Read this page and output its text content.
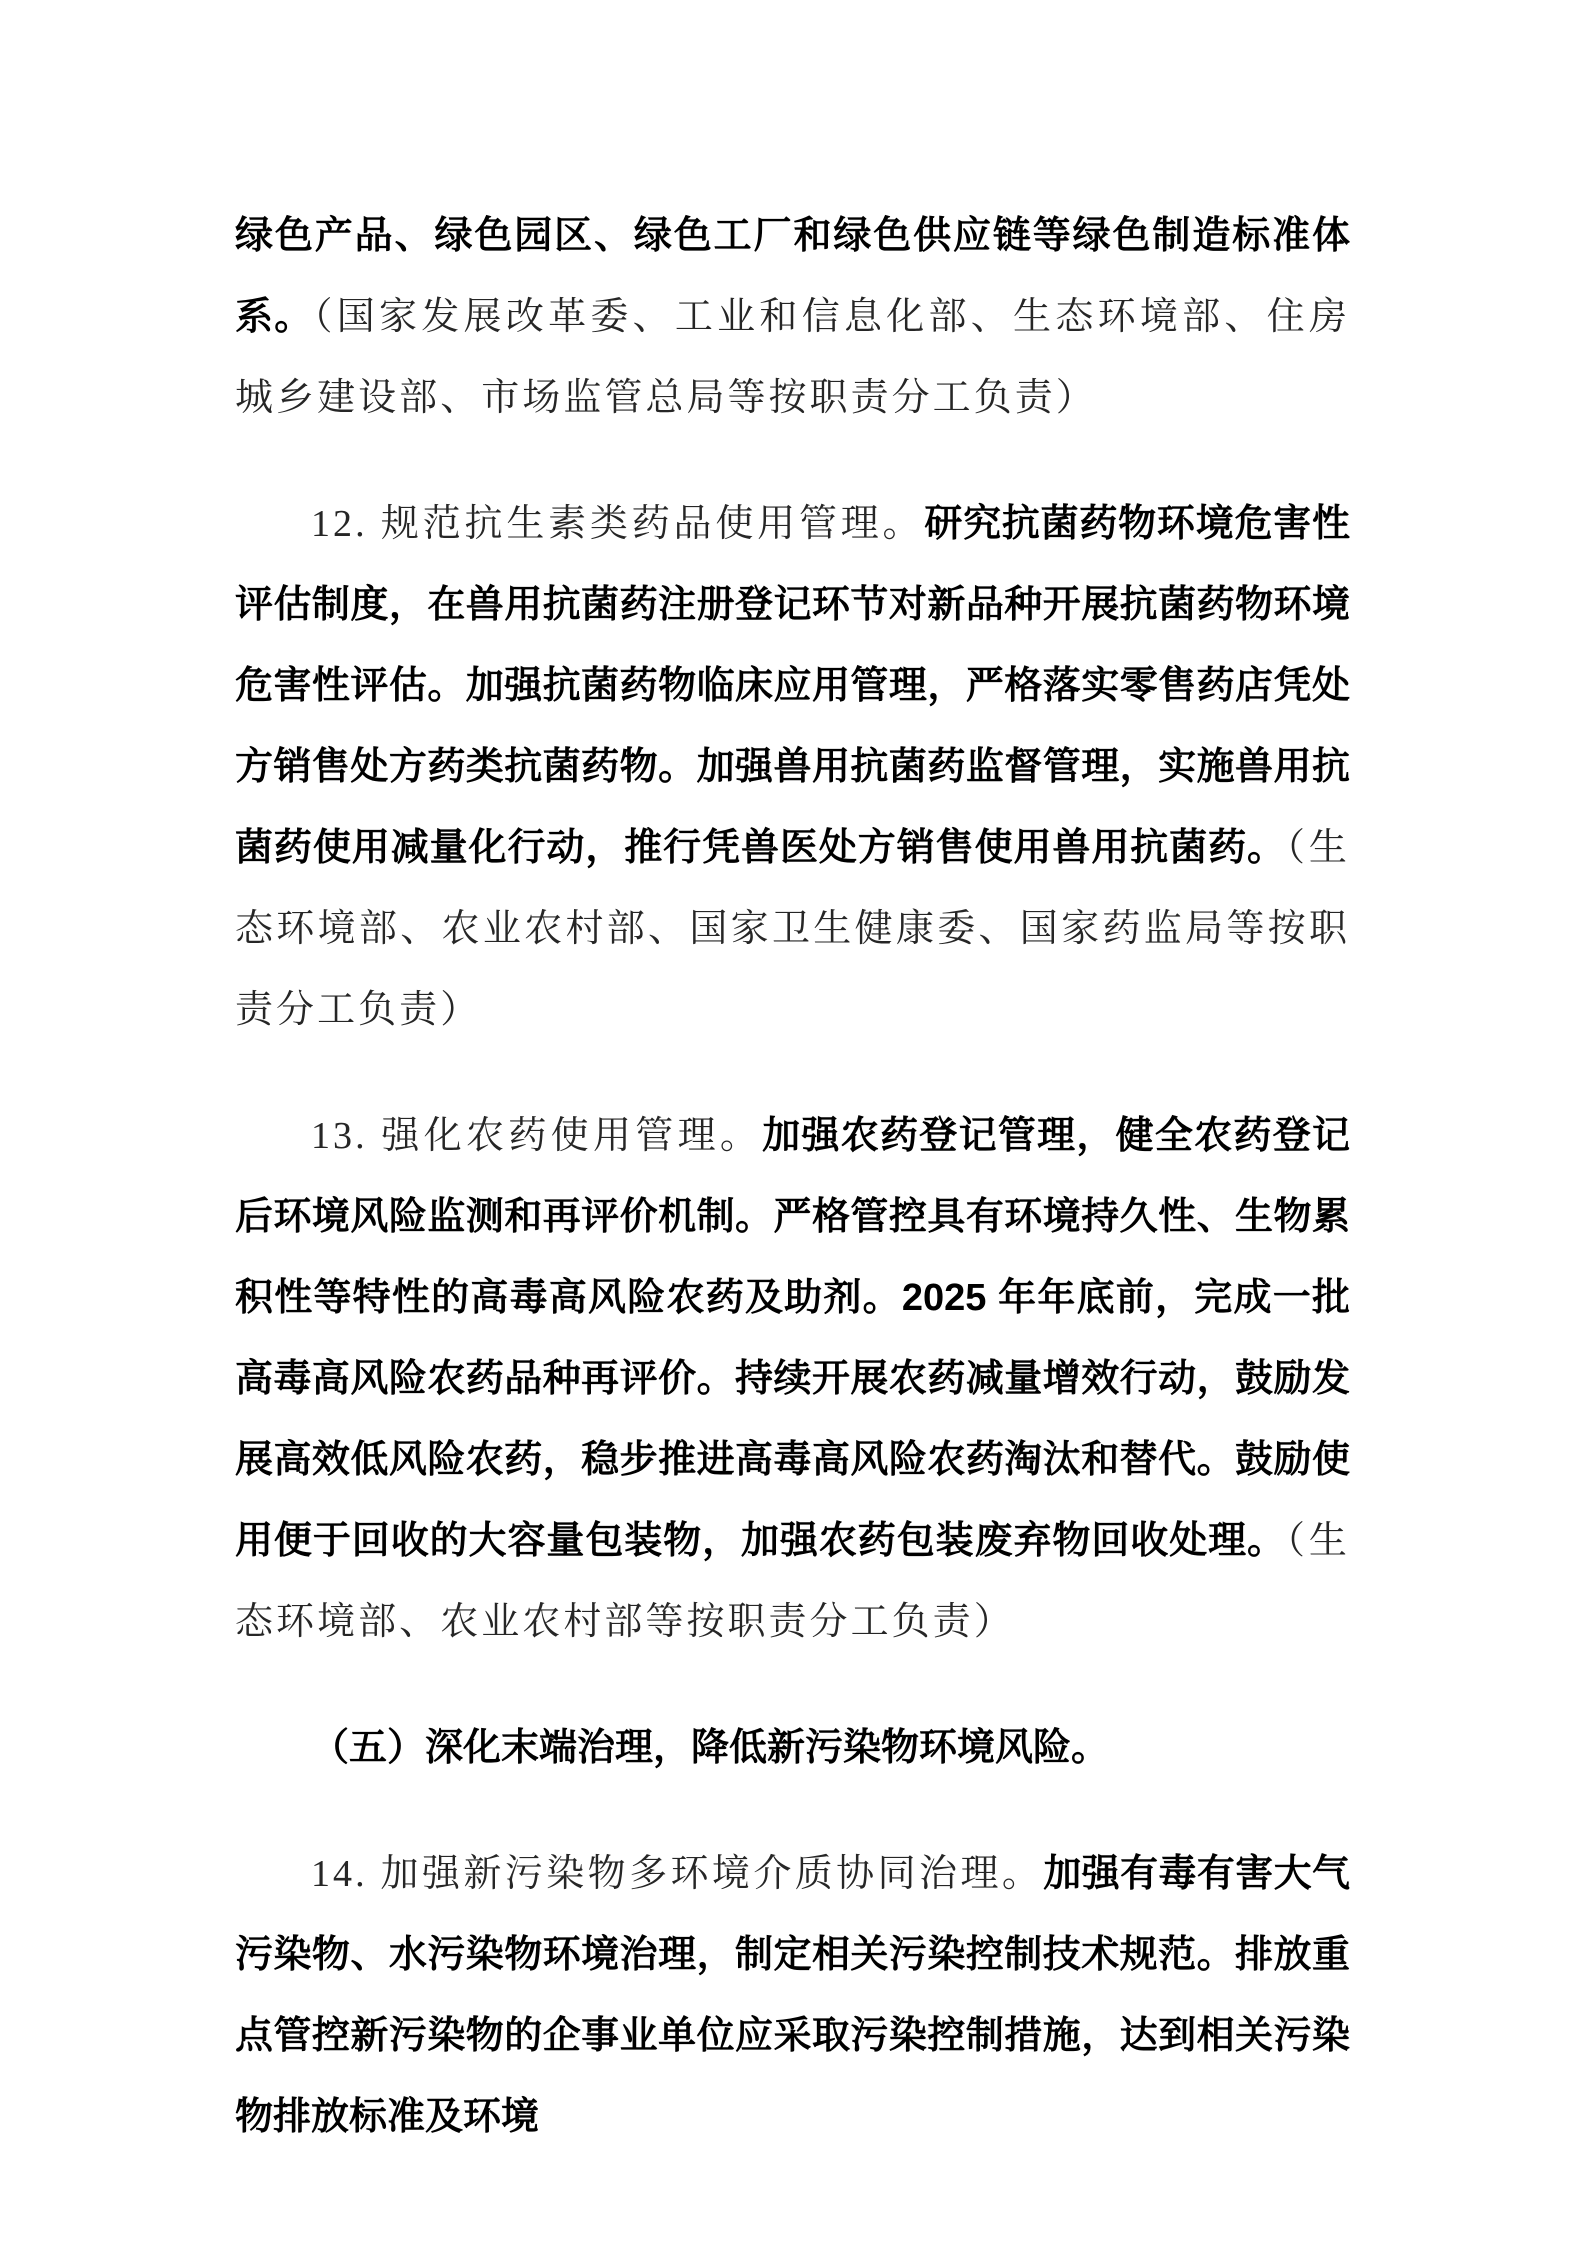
绿色产品、绿色园区、绿色工厂和绿色供应链等绿色制造标准体系。（国家发展改革委、工业和信息化部、生态环境部、住房城乡建设部、市场监管总局等按职责分工负责）

12. 规范抗生素类药品使用管理。研究抗菌药物环境危害性评估制度，在兽用抗菌药注册登记环节对新品种开展抗菌药物环境危害性评估。加强抗菌药物临床应用管理，严格落实零售药店凭处方销售处方药类抗菌药物。加强兽用抗菌药监督管理，实施兽用抗菌药使用减量化行动，推行凭兽医处方销售使用兽用抗菌药。（生态环境部、农业农村部、国家卫生健康委、国家药监局等按职责分工负责）

13. 强化农药使用管理。加强农药登记管理，健全农药登记后环境风险监测和再评价机制。严格管控具有环境持久性、生物累积性等特性的高毒高风险农药及助剂。2025 年年底前，完成一批高毒高风险农药品种再评价。持续开展农药减量增效行动，鼓励发展高效低风险农药，稳步推进高毒高风险农药淘汰和替代。鼓励使用便于回收的大容量包装物，加强农药包装废弃物回收处理。（生态环境部、农业农村部等按职责分工负责）

（五）深化末端治理，降低新污染物环境风险。

14. 加强新污染物多环境介质协同治理。加强有毒有害大气污染物、水污染物环境治理，制定相关污染控制技术规范。排放重点管控新污染物的企事业单位应采取污染控制措施，达到相关污染物排放标准及环境
